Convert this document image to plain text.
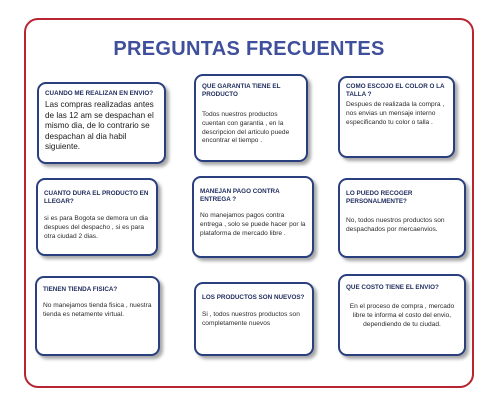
PREGUNTAS FRECUENTES
CUANDO ME REALIZAN EN ENVIO?
Las compras realizadas antes de las 12 am se despachan el mismo dia, de lo contrario se despachan al dia habil siguiente.
QUE GARANTIA TIENE EL PRODUCTO
Todos nuestros productos cuentan con garantia , en la descripcion del articulo puede encontrar el tiempo .
COMO ESCOJO EL COLOR O LA TALLA ?
Despues de realizada la compra , nos envias un mensaje interno especificando tu color o talla .
CUANTO DURA EL PRODUCTO EN LLEGAR?
si es para Bogota se demora un dia despues del despacho , si es para otra ciudad 2 dias.
MANEJAN PAGO CONTRA ENTREGA ?
No manejamos pagos contra entrega , solo se puede hacer por la plataforma de mercado libre .
LO PUEDO RECOGER PERSONALMENTE?
No, todos nuestros productos son despachados por mercaenvios.
TIENEN TIENDA FISICA?
No manejamos tienda fisica , nuestra tienda es netamente virtual.
LOS PRODUCTOS SON NUEVOS?
Si , todos nuestros productos son completamente nuevos
QUE COSTO TIENE EL ENVIO?
En el proceso de compra , mercado libre te informa el costo del envio, dependiendo de tu ciudad.
